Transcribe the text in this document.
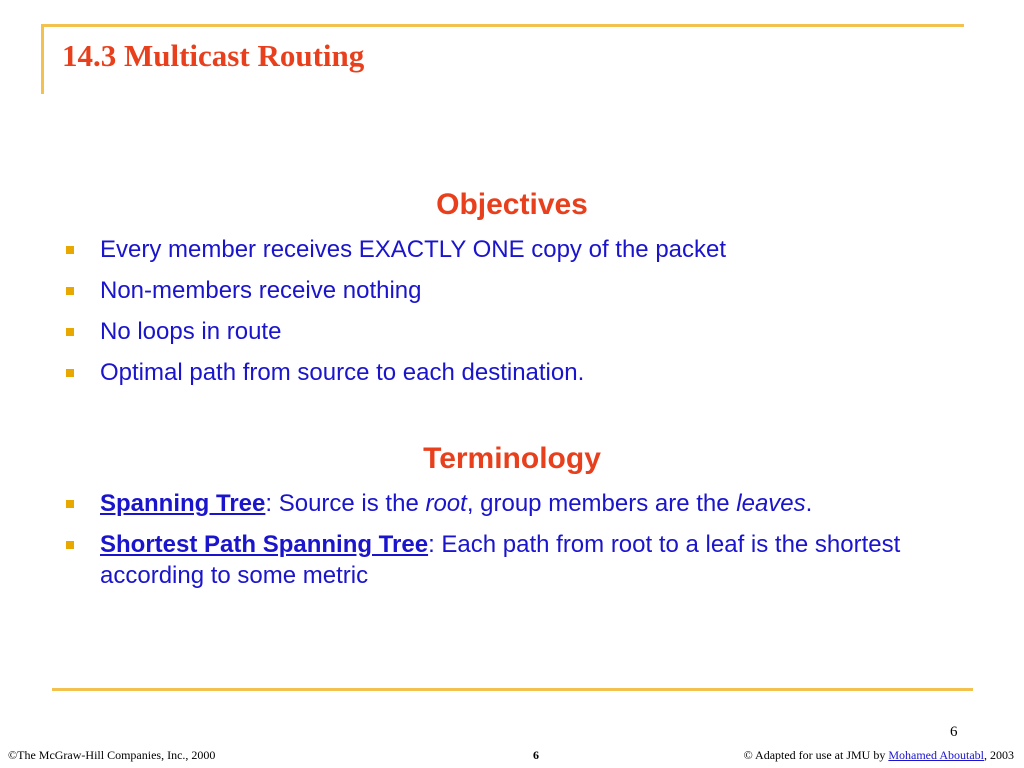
14.3 Multicast Routing
Objectives
Every member receives EXACTLY ONE copy of the packet
Non-members receive nothing
No loops in route
Optimal path from source to each destination.
Terminology
Spanning Tree: Source is the root, group members are the leaves.
Shortest Path Spanning Tree: Each path from root to a leaf is the shortest according to some metric
6
©The McGraw-Hill Companies, Inc., 2000	6	© Adapted for use at JMU by Mohamed Aboutabl, 2003
